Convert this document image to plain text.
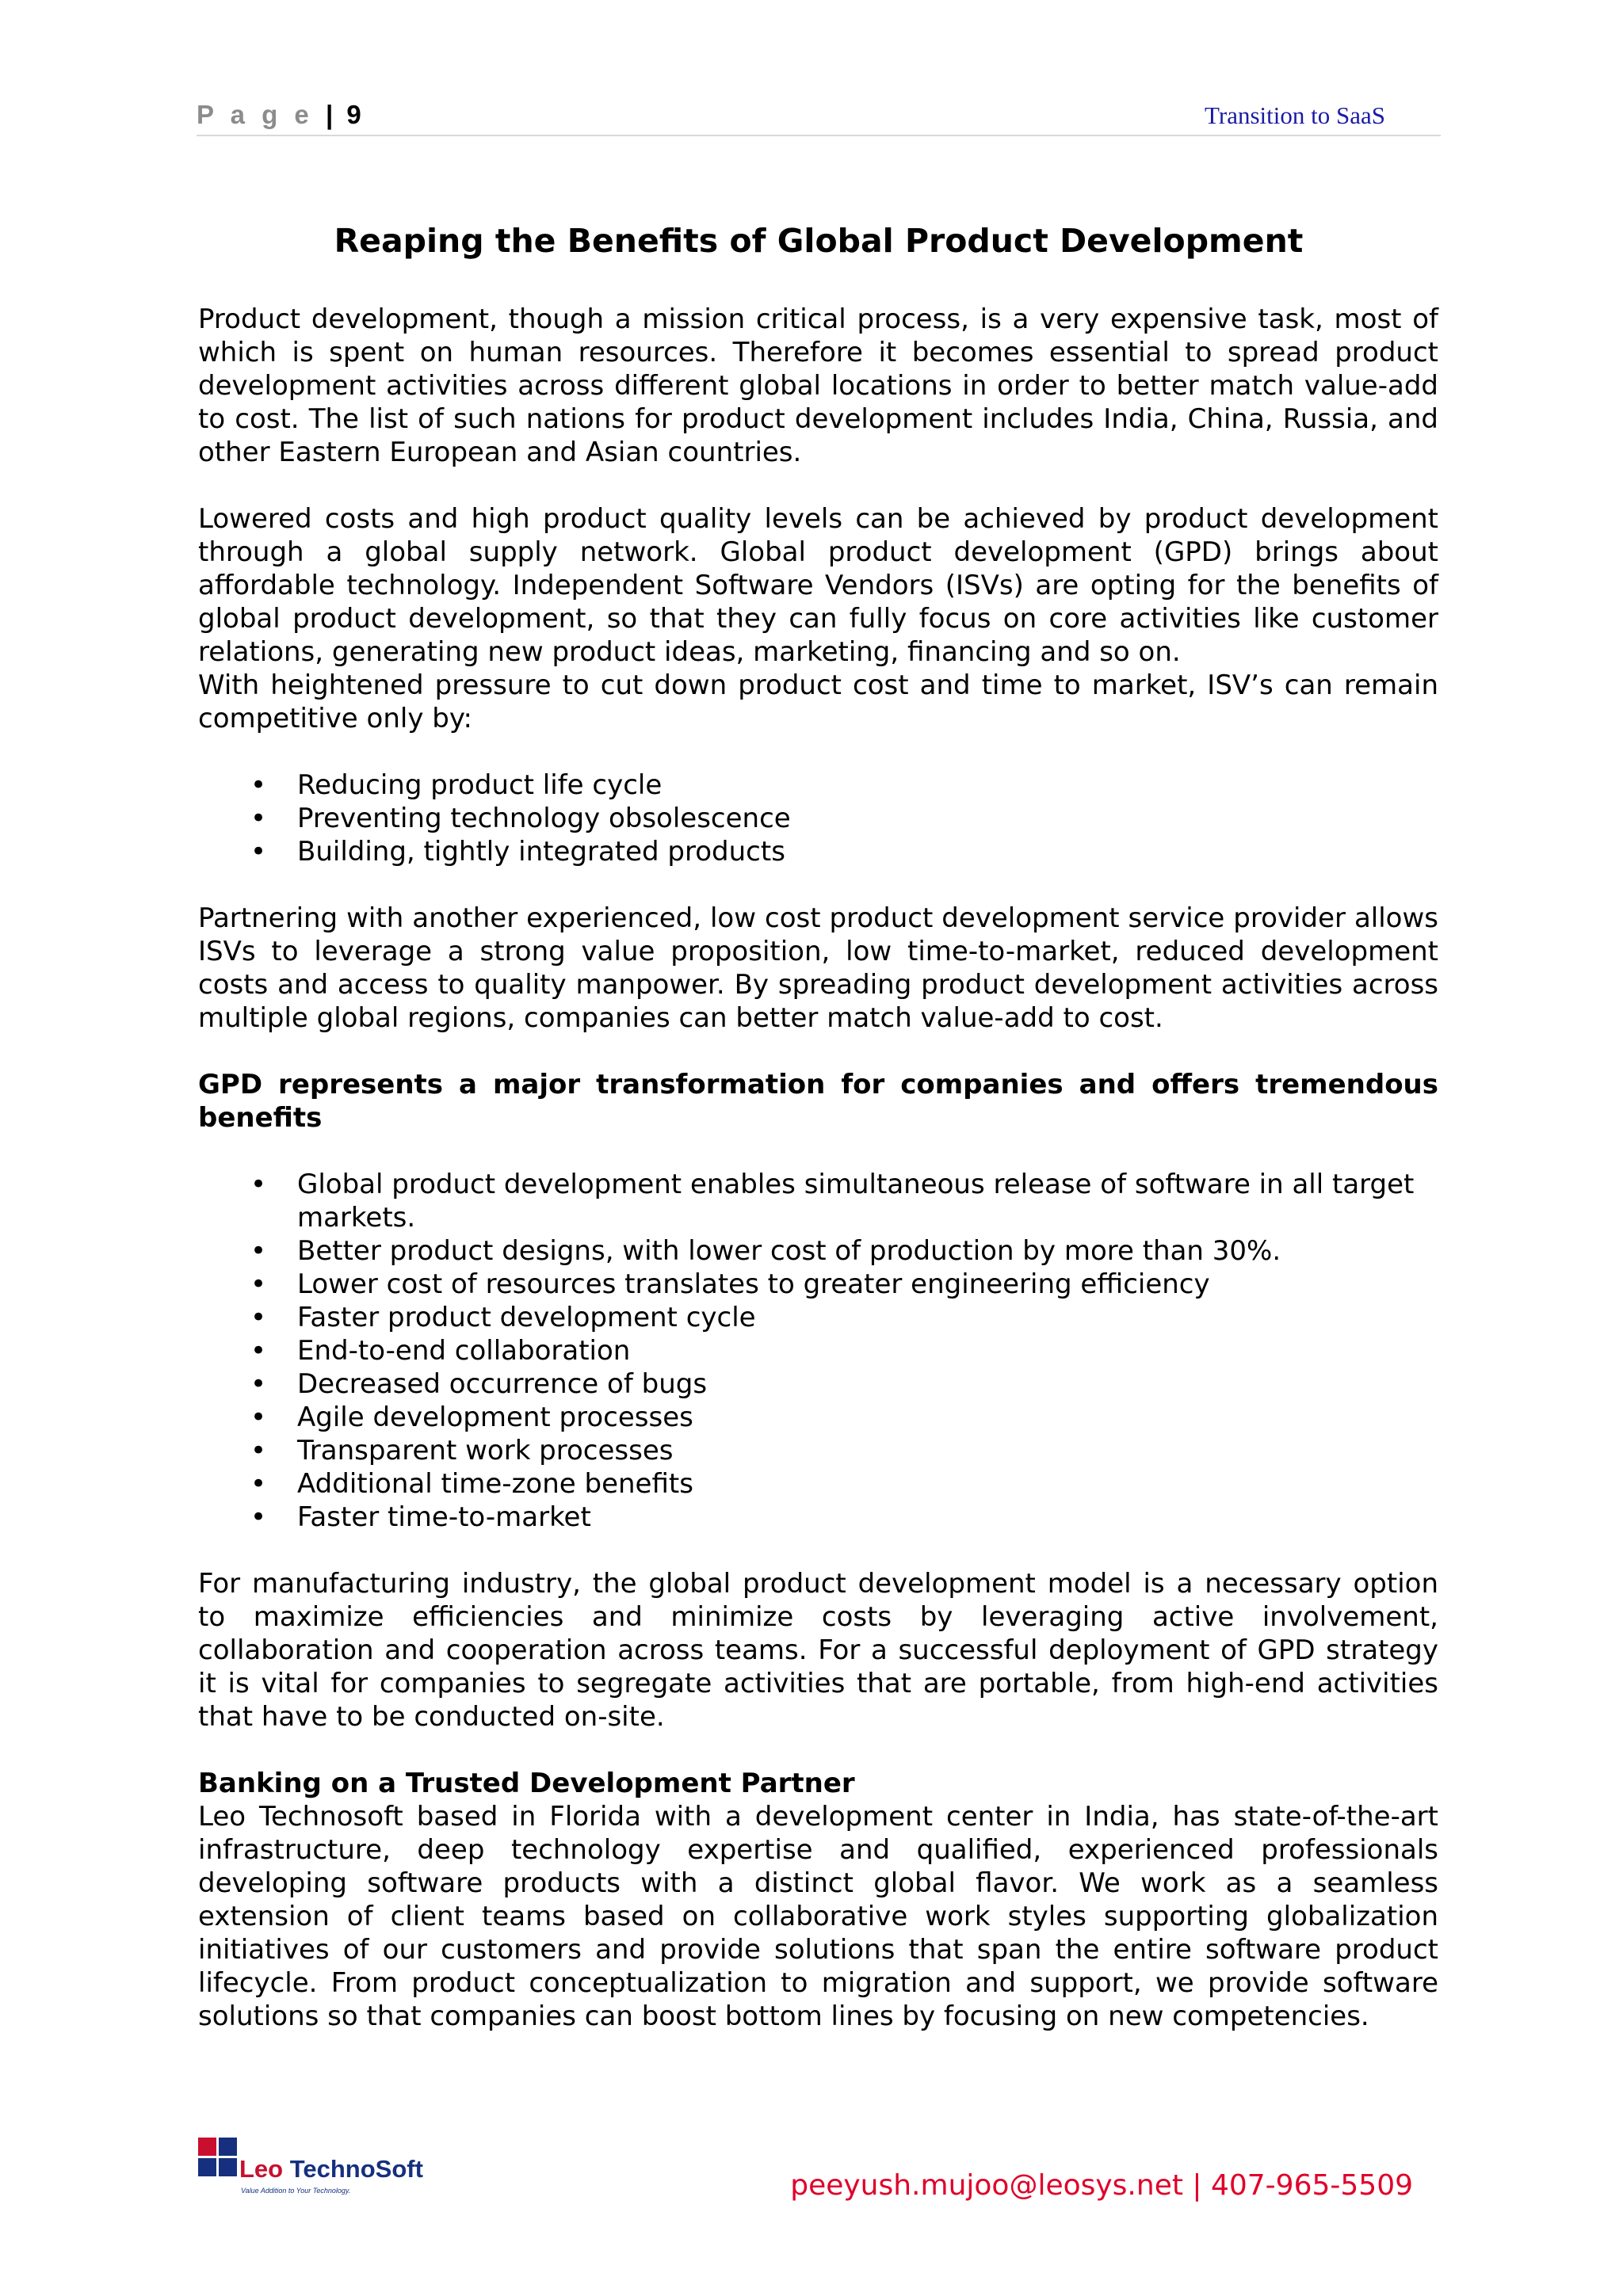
P a g e | 9	Transition to SaaS
Reaping the Benefits of Global Product Development

Product development, though a mission critical process, is a very expensive task, most of which is spent on human resources. Therefore it becomes essential to spread product development activities across different global locations in order to better match value-add to cost. The list of such nations for product development includes India, China, Russia, and other Eastern European and Asian countries.

Lowered costs and high product quality levels can be achieved by product development through a global supply network. Global product development (GPD) brings about affordable technology. Independent Software Vendors (ISVs) are opting for the benefits of global product development, so that they can fully focus on core activities like customer relations, generating new product ideas, marketing, financing and so on.

With heightened pressure to cut down product cost and time to market, ISV’s can remain competitive only by:

• Reducing product life cycle
• Preventing technology obsolescence
• Building, tightly integrated products

Partnering with another experienced, low cost product development service provider allows ISVs to leverage a strong value proposition, low time-to-market, reduced development costs and access to quality manpower. By spreading product development activities across multiple global regions, companies can better match value-add to cost.

GPD represents a major transformation for companies and offers tremendous benefits

• Global product development enables simultaneous release of software in all target markets.
• Better product designs, with lower cost of production by more than 30%.
• Lower cost of resources translates to greater engineering efficiency
• Faster product development cycle
• End-to-end collaboration
• Decreased occurrence of bugs
• Agile development processes
• Transparent work processes
• Additional time-zone benefits
• Faster time-to-market

For manufacturing industry, the global product development model is a necessary option to maximize efficiencies and minimize costs by leveraging active involvement, collaboration and cooperation across teams. For a successful deployment of GPD strategy it is vital for companies to segregate activities that are portable, from high-end activities that have to be conducted on-site.

Banking on a Trusted Development Partner

Leo Technosoft based in Florida with a development center in India, has state-of-the-art infrastructure, deep technology expertise and qualified, experienced professionals developing software products with a distinct global flavor. We work as a seamless extension of client teams based on collaborative work styles supporting globalization initiatives of our customers and provide solutions that span the entire software product lifecycle. From product conceptualization to migration and support, we provide software solutions so that companies can boost bottom lines by focusing on new competencies.

Leo TechnoSoft
Value Addition to Your Technology.	peeyush.mujoo@leosys.net | 407-965-5509
